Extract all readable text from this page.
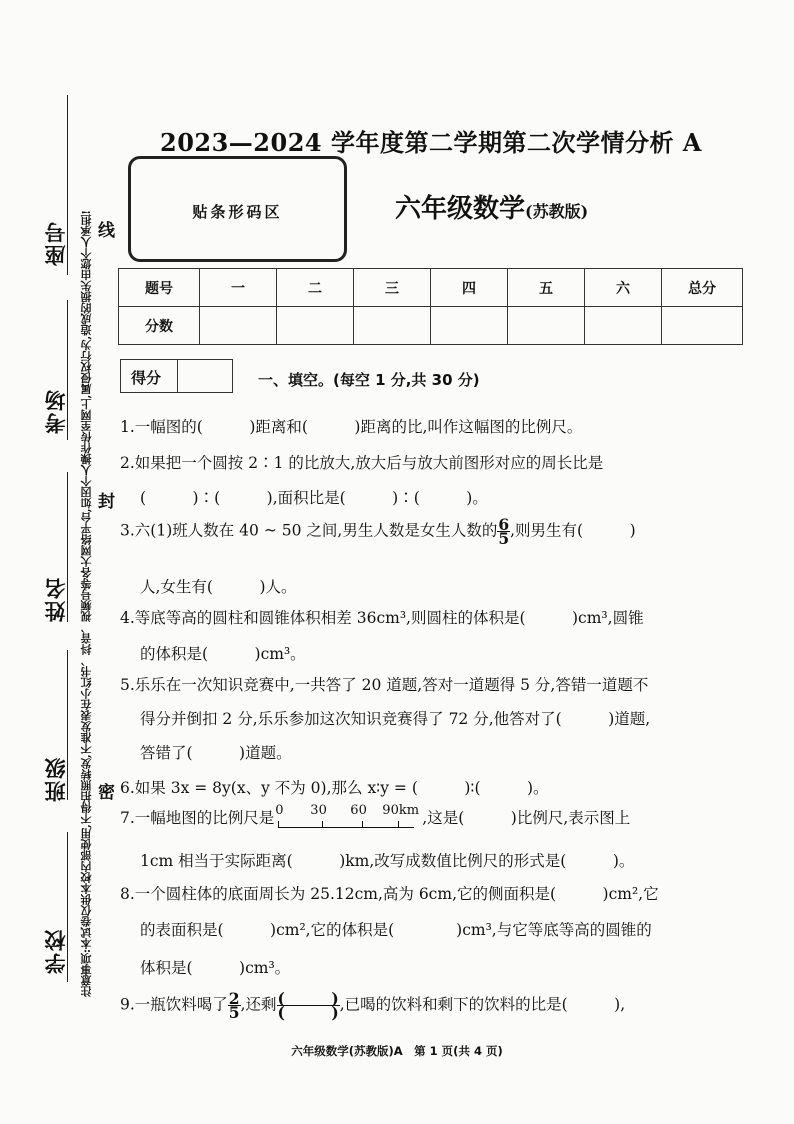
注意事项:本试卷仅供本校内部使用,不得拍照转发,不准发表在小红书、抖音、视频号等各大网络平台,如因个人操作传至网上,属侵权行为,造成的损失由您个人承担!
座号
考场
姓名
班级
学校
线
封
密
2023—2024 学年度第二学期第二次学情分析 A
贴条形码区	六年级数学(苏教版)
题号	一	二	三	四	五	六	总分
分数							
得分	一、填空。(每空 1 分,共 30 分)
1.一幅图的(　　　)距离和(　　　)距离的比,叫作这幅图的比例尺。
2.如果把一个圆按 2∶1 的比放大,放大后与放大前图形对应的周长比是
(　　　)∶(　　　),面积比是(　　　)∶(　　　)。
3.六(1)班人数在 40 ~ 50 之间,男生人数是女生人数的 $\frac{6}{5}$ ,则男生有(　　　)
人,女生有(　　　)人。
4.等底等高的圆柱和圆锥体积相差 36cm³,则圆柱的体积是(　　　)cm³,圆锥
的体积是(　　　)cm³。
5.乐乐在一次知识竞赛中,一共答了 20 道题,答对一道题得 5 分,答错一道题不
得分并倒扣 2 分,乐乐参加这次知识竞赛得了 72 分,他答对了(　　　)道题,
答错了(　　　)道题。
6.如果 3x = 8y(x、y 不为 0),那么 x∶y = (　　　)∶(　　　)。
7.一幅地图的比例尺是 0 30 60 90km ,这是(　　　)比例尺,表示图上
1cm 相当于实际距离(　　　)km,改写成数值比例尺的形式是(　　　)。
8.一个圆柱体的底面周长为 25.12cm,高为 6cm,它的侧面积是(　　　)cm²,它
的表面积是(　　　)cm²,它的体积是(　　　　)cm³,与它等底等高的圆锥的
体积是(　　　)cm³。
9.一瓶饮料喝了 $\frac{2}{5}$ ,还剩 $\frac{( )}{( )}$ ,已喝的饮料和剩下的饮料的比是(　　　),
六年级数学(苏教版)A　第 1 页(共 4 页)
